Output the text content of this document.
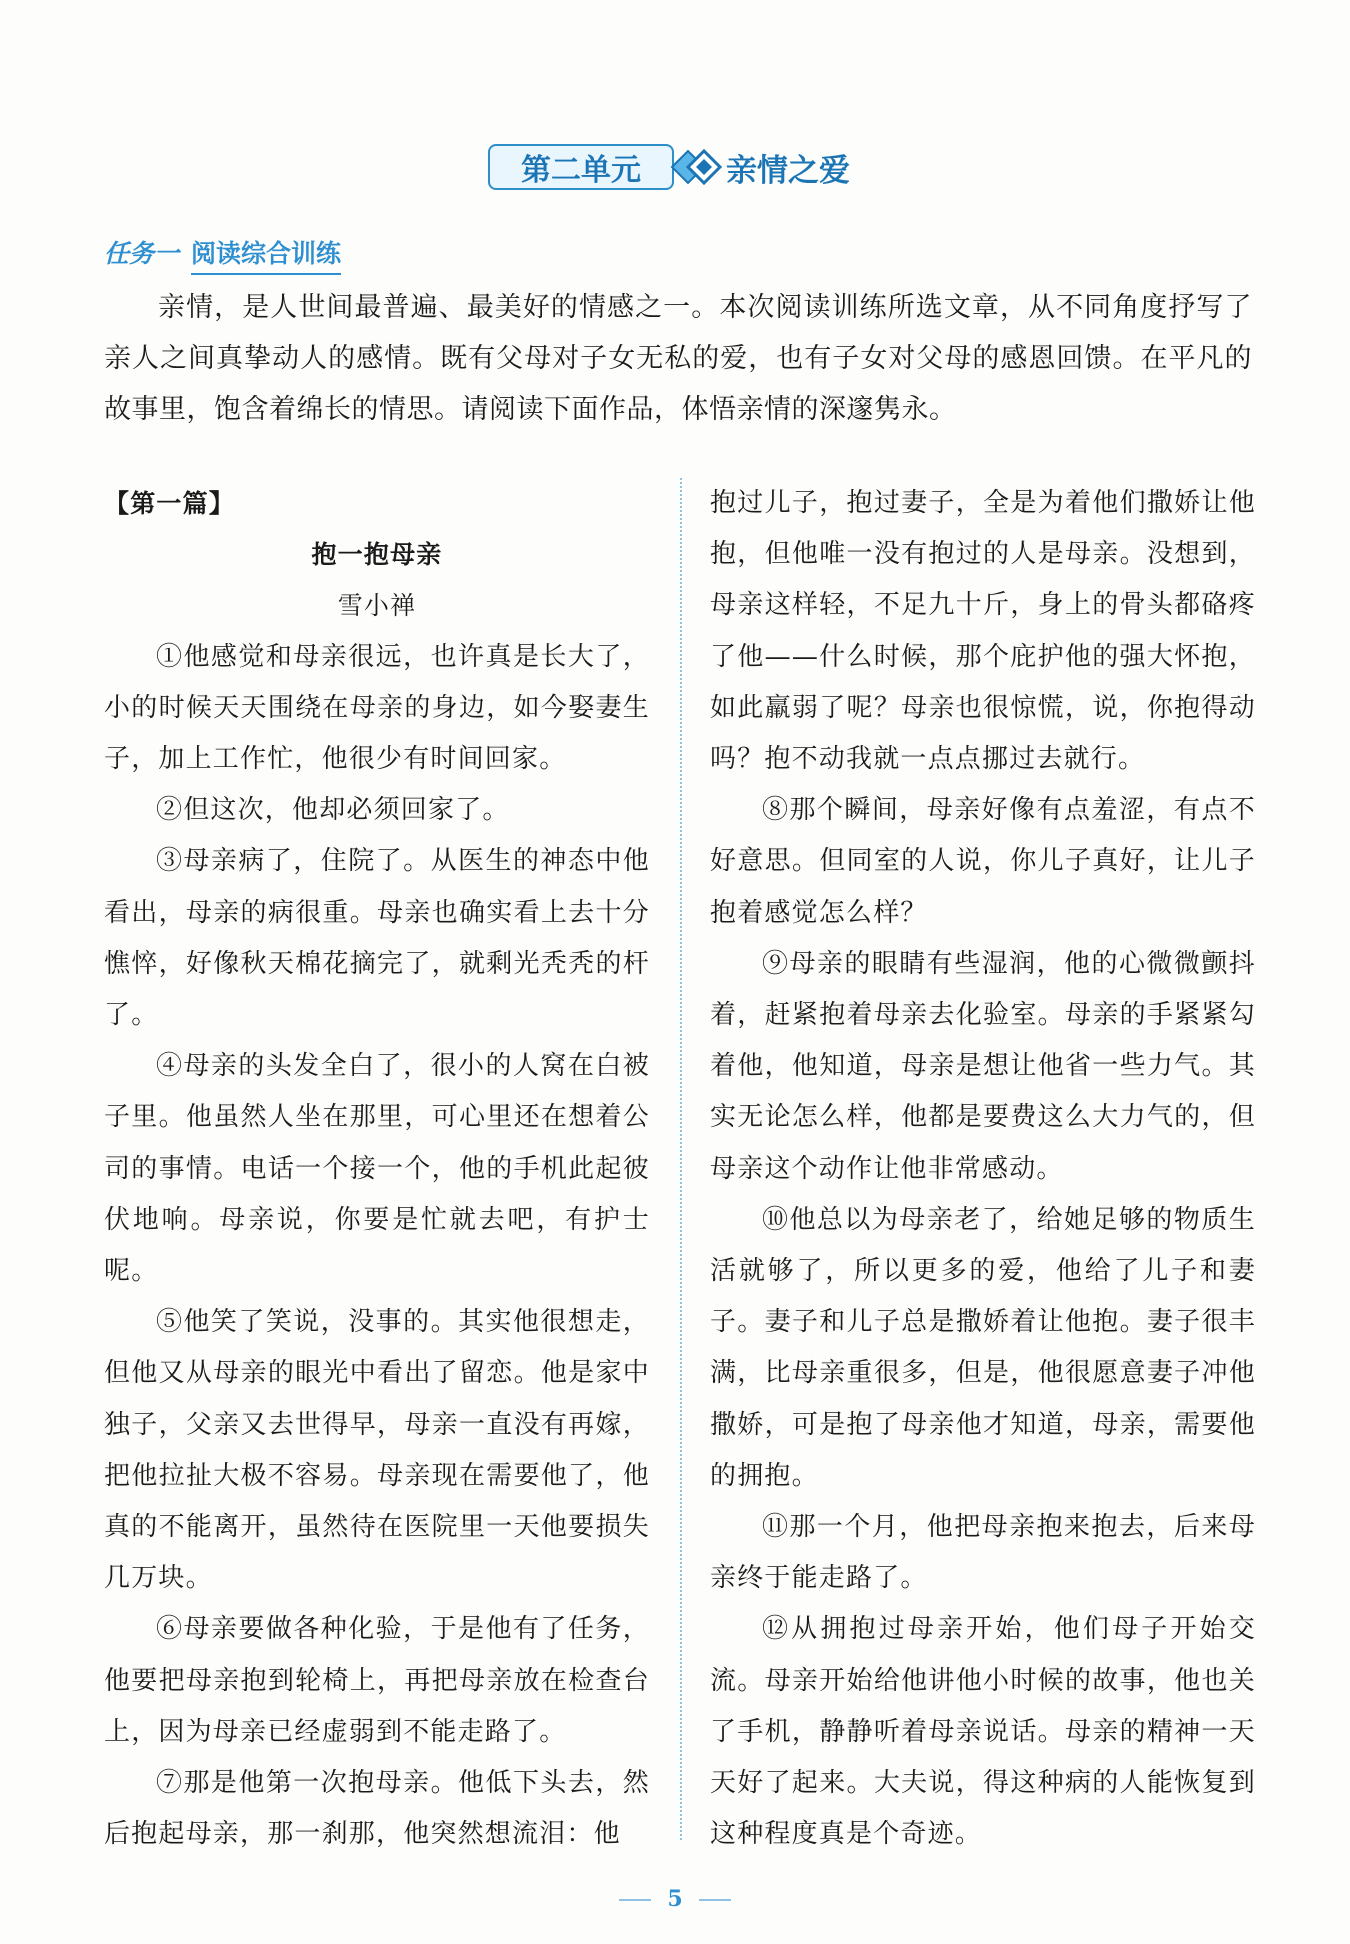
第二单元	亲情之爱
任务一 阅读综合训练
亲情，是人世间最普遍、最美好的情感之一。本次阅读训练所选文章，从不同角度抒写了亲人之间真挚动人的感情。既有父母对子女无私的爱，也有子女对父母的感恩回馈。在平凡的故事里，饱含着绵长的情思。请阅读下面作品，体悟亲情的深邃隽永。
【第一篇】
抱一抱母亲
雪小禅

①他感觉和母亲很远，也许真是长大了，小的时候天天围绕在母亲的身边，如今娶妻生子，加上工作忙，他很少有时间回家。

②但这次，他却必须回家了。

③母亲病了，住院了。从医生的神态中他看出，母亲的病很重。母亲也确实看上去十分憔悴，好像秋天棉花摘完了，就剩光秃秃的杆了。

④母亲的头发全白了，很小的人窝在白被子里。他虽然人坐在那里，可心里还在想着公司的事情。电话一个接一个，他的手机此起彼伏地响。母亲说，你要是忙就去吧，有护士呢。

⑤他笑了笑说，没事的。其实他很想走，但他又从母亲的眼光中看出了留恋。他是家中独子，父亲又去世得早，母亲一直没有再嫁，把他拉扯大极不容易。母亲现在需要他了，他真的不能离开，虽然待在医院里一天他要损失几万块。

⑥母亲要做各种化验，于是他有了任务，他要把母亲抱到轮椅上，再把母亲放在检查台上，因为母亲已经虚弱到不能走路了。

⑦那是他第一次抱母亲。他低下头去，然后抱起母亲，那一刹那，他突然想流泪：他

抱过儿子，抱过妻子，全是为着他们撒娇让他抱，但他唯一没有抱过的人是母亲。没想到，母亲这样轻，不足九十斤，身上的骨头都硌疼了他——什么时候，那个庇护他的强大怀抱，如此羸弱了呢？母亲也很惊慌，说，你抱得动吗？抱不动我就一点点挪过去就行。

⑧那个瞬间，母亲好像有点羞涩，有点不好意思。但同室的人说，你儿子真好，让儿子抱着感觉怎么样？

⑨母亲的眼睛有些湿润，他的心微微颤抖着，赶紧抱着母亲去化验室。母亲的手紧紧勾着他，他知道，母亲是想让他省一些力气。其实无论怎么样，他都是要费这么大力气的，但母亲这个动作让他非常感动。

⑩他总以为母亲老了，给她足够的物质生活就够了，所以更多的爱，他给了儿子和妻子。妻子和儿子总是撒娇着让他抱。妻子很丰满，比母亲重很多，但是，他很愿意妻子冲他撒娇，可是抱了母亲他才知道，母亲，需要他的拥抱。

⑪那一个月，他把母亲抱来抱去，后来母亲终于能走路了。

⑫从拥抱过母亲开始，他们母子开始交流。母亲开始给他讲他小时候的故事，他也关了手机，静静听着母亲说话。母亲的精神一天天好了起来。大夫说，得这种病的人能恢复到这种程度真是个奇迹。

5
